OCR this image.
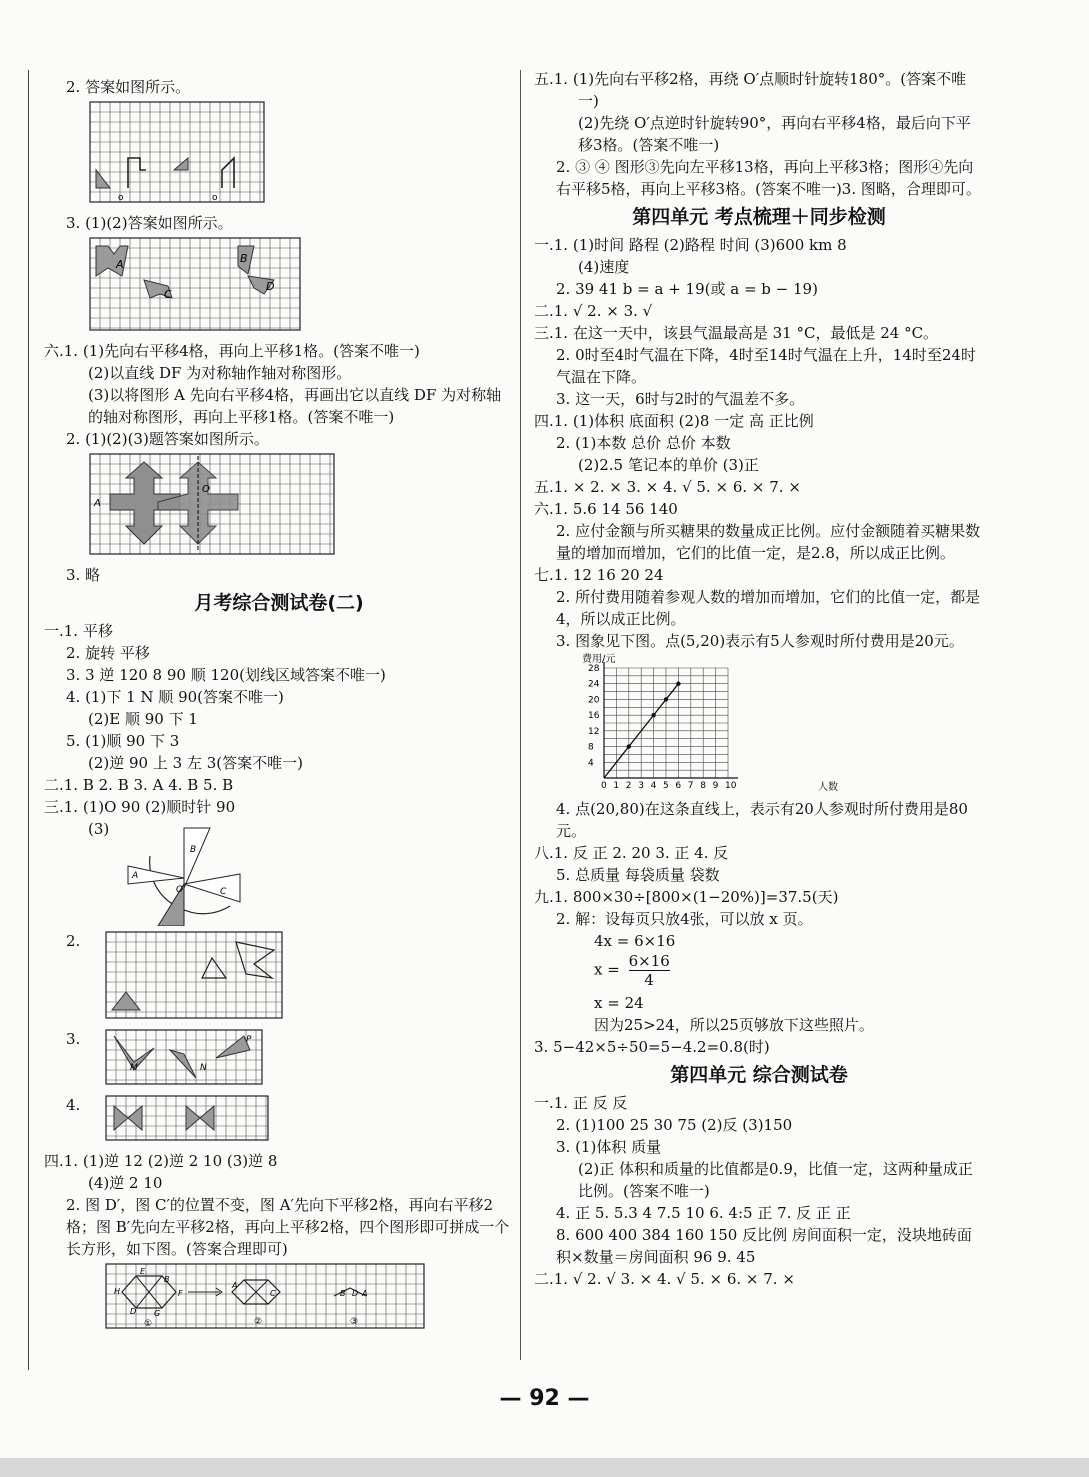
2. 答案如图所示。
o	o
3. (1)(2)答案如图所示。
A	B
C
D
六.1. (1)先向右平移4格，再向上平移1格。(答案不唯一)
(2)以直线 DF 为对称轴作轴对称图形。
(3)以将图形 A 先向右平移4格，再画出它以直线 DF 为对称轴的轴对称图形，再向上平移1格。(答案不唯一)
2. (1)(2)(3)题答案如图所示。
A
O
3. 略
月考综合测试卷(二)
一.1. 平移
2. 旋转 平移
3. 3 逆 120 8 90 顺 120(划线区域答案不唯一)
4. (1)下 1 N 顺 90(答案不唯一)
(2)E 顺 90 下 1
5. (1)顺 90 下 3
(2)逆 90 上 3 左 3(答案不唯一)
二.1. B 2. B 3. A 4. B 5. B
三.1. (1)O 90 (2)顺时针 90
(3)
B
A
C
O
2.
3.
M	N
P
4.
四.1. (1)逆 12 (2)逆 2 10 (3)逆 8
(4)逆 2 10
2. 图 D′，图 C′的位置不变，图 A′先向下平移2格，再向右平移2格；图 B′先向左平移2格，再向上平移2格，四个图形即可拼成一个长方形，如下图。(答案合理即可)
E
H
B
F
D G
A
C	B D A
①	②	③
五.1. (1)先向右平移2格，再绕 O′点顺时针旋转180°。(答案不唯一)
(2)先绕 O′点逆时针旋转90°，再向右平移4格，最后向下平移3格。(答案不唯一)
2. ③ ④ 图形③先向左平移13格，再向上平移3格；图形④先向右平移5格，再向上平移3格。(答案不唯一)3. 图略，合理即可。
第四单元 考点梳理＋同步检测
一.1. (1)时间 路程 (2)路程 时间 (3)600 km 8
(4)速度
2. 39 41 b = a + 19(或 a = b − 19)
二.1. √ 2. × 3. √
三.1. 在这一天中，该县气温最高是 31 °C，最低是 24 °C。
2. 0时至4时气温在下降，4时至14时气温在上升，14时至24时气温在下降。
3. 这一天，6时与2时的气温差不多。
四.1. (1)体积 底面积 (2)8 一定 高 正比例
2. (1)本数 总价 总价 本数
(2)2.5 笔记本的单价 (3)正
五.1. × 2. × 3. × 4. √ 5. × 6. × 7. ×
六.1. 5.6 14 56 140
2. 应付金额与所买糖果的数量成正比例。应付金额随着买糖果数量的增加而增加，它们的比值一定，是2.8，所以成正比例。
七.1. 12 16 20 24
2. 所付费用随着参观人数的增加而增加，它们的比值一定，都是4，所以成正比例。
3. 图象见下图。点(5,20)表示有5人参观时所付费用是20元。
0 1 2 3 4 5 6 7 8 9 10
4
8
12
16
20
24
28
费用/元
人数
4. 点(20,80)在这条直线上，表示有20人参观时所付费用是80元。
八.1. 反 正 2. 20 3. 正 4. 反
5. 总质量 每袋质量 袋数
九.1. 800×30÷[800×(1−20%)]=37.5(天)
2. 解：设每页只放4张，可以放 x 页。
4x = 6×16
$x = \frac{6\times 16}{4}$
x = 24
因为25>24，所以25页够放下这些照片。
3. 5−42×5÷50=5−4.2=0.8(时)
第四单元 综合测试卷
一.1. 正 反 反
2. (1)100 25 30 75 (2)反 (3)150
3. (1)体积 质量
(2)正 体积和质量的比值都是0.9，比值一定，这两种量成正比例。(答案不唯一)
4. 正 5. 5.3 4 7.5 10 6. 4:5 正 7. 反 正 正
8. 600 400 384 160 150 反比例 房间面积一定，没块地砖面积×数量＝房间面积 96 9. 45
二.1. √ 2. √ 3. × 4. √ 5. × 6. × 7. ×
— 92 —
